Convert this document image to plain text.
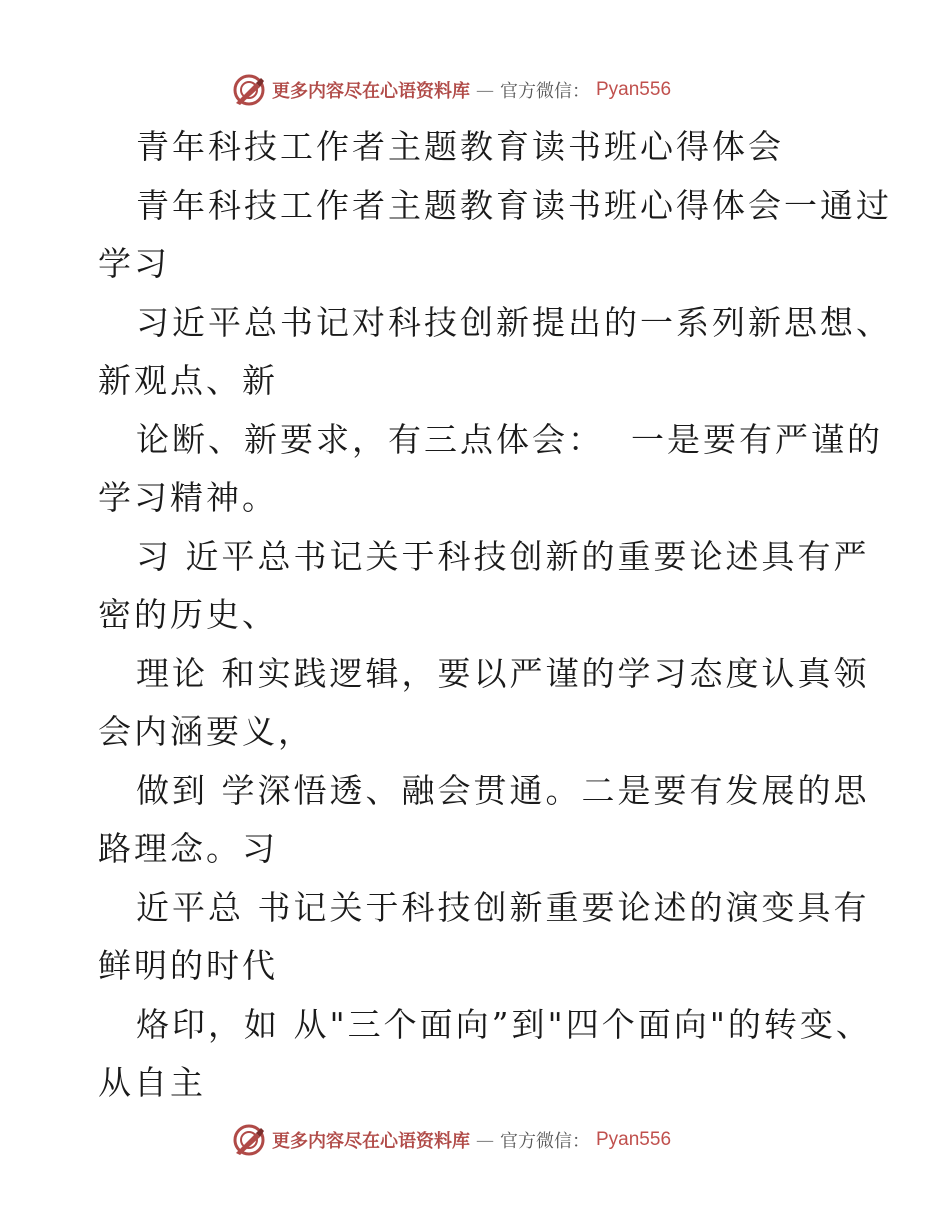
更多内容尽在心语资料库 — 官方微信： Pyan556
青年科技工作者主题教育读书班心得体会
青年科技工作者主题教育读书班心得体会一通过
学习
习近平总书记对科技创新提出的一系列新思想、
新观点、新
论断、新要求，有三点体会：  一是要有严谨的
学习精神。
习 近平总书记关于科技创新的重要论述具有严
密的历史、
理论 和实践逻辑，要以严谨的学习态度认真领
会内涵要义，
做到 学深悟透、融会贯通。二是要有发展的思
路理念。习
近平总 书记关于科技创新重要论述的演变具有
鲜明的时代
烙印，如 从"三个面向”到"四个面向"的转变、
从自主
更多内容尽在心语资料库 — 官方微信： Pyan556
